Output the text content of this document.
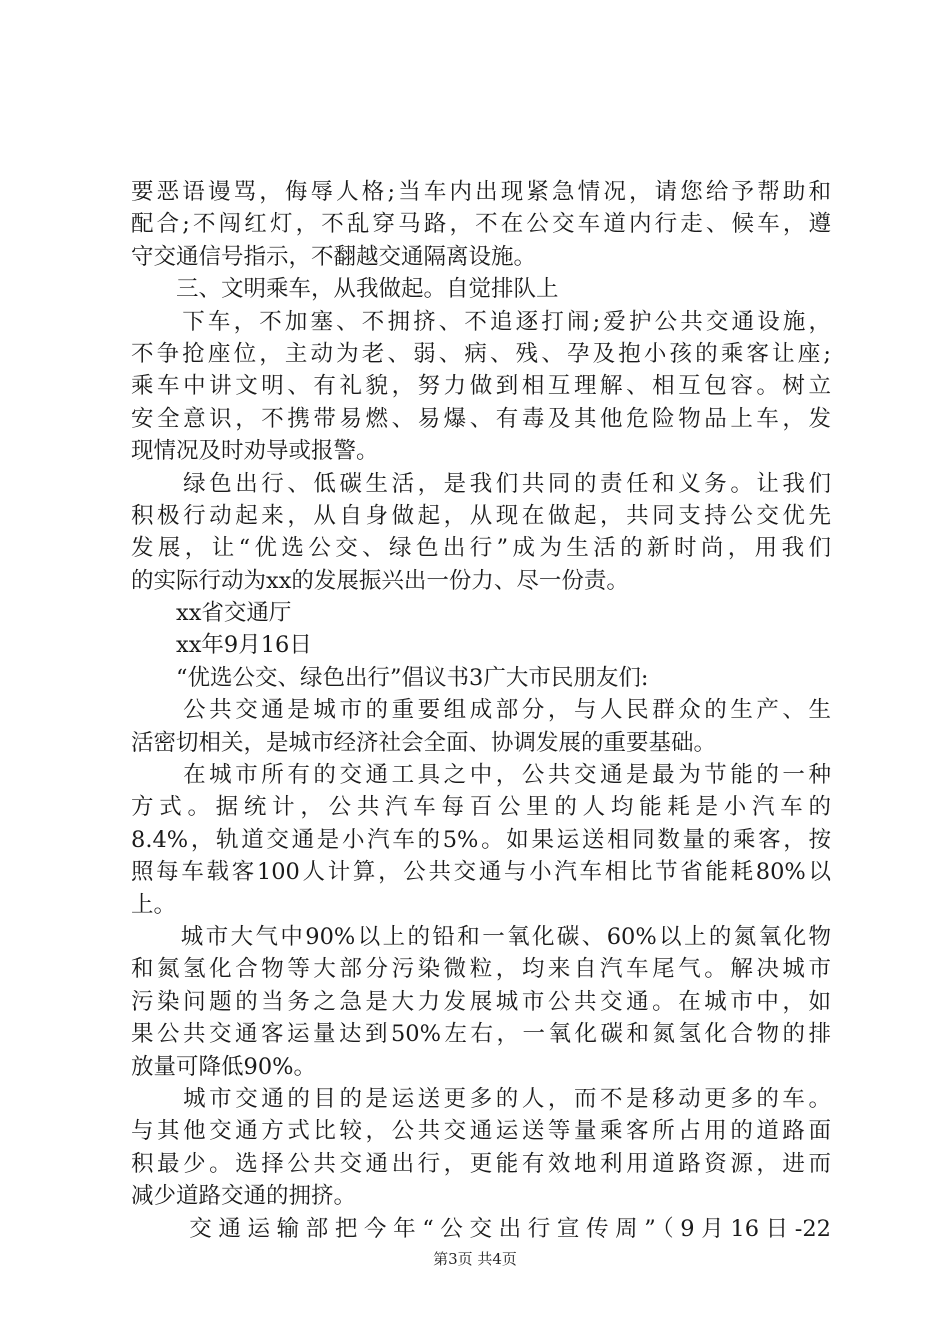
要恶语谩骂，侮辱人格;当车内出现紧急情况，请您给予帮助和
配合;不闯红灯，不乱穿马路，不在公交车道内行走、候车，遵
守交通信号指示，不翻越交通隔离设施。
　　三、文明乘车，从我做起。自觉排队上
　　下车，不加塞、不拥挤、不追逐打闹;爱护公共交通设施，
不争抢座位，主动为老、弱、病、残、孕及抱小孩的乘客让座;
乘车中讲文明、有礼貌，努力做到相互理解、相互包容。树立
安全意识，不携带易燃、易爆、有毒及其他危险物品上车，发
现情况及时劝导或报警。
　　绿色出行、低碳生活，是我们共同的责任和义务。让我们
积极行动起来，从自身做起，从现在做起，共同支持公交优先
发展，让“优选公交、绿色出行”成为生活的新时尚，用我们
的实际行动为xx的发展振兴出一份力、尽一份责。
　　xx省交通厅
　　xx年9月16日
　　“优选公交、绿色出行”倡议书3广大市民朋友们:
　　公共交通是城市的重要组成部分，与人民群众的生产、生
活密切相关，是城市经济社会全面、协调发展的重要基础。
　　在城市所有的交通工具之中，公共交通是最为节能的一种
方式。据统计，公共汽车每百公里的人均能耗是小汽车的
8.4%，轨道交通是小汽车的5%。如果运送相同数量的乘客，按
照每车载客100人计算，公共交通与小汽车相比节省能耗80%以
上。
　　城市大气中90%以上的铅和一氧化碳、60%以上的氮氧化物
和氮氢化合物等大部分污染微粒，均来自汽车尾气。解决城市
污染问题的当务之急是大力发展城市公共交通。在城市中，如
果公共交通客运量达到50%左右，一氧化碳和氮氢化合物的排
放量可降低90%。
　　城市交通的目的是运送更多的人，而不是移动更多的车。
与其他交通方式比较，公共交通运送等量乘客所占用的道路面
积最少。选择公共交通出行，更能有效地利用道路资源，进而
减少道路交通的拥挤。
　　交通运输部把今年“公交出行宣传周”（9月16日-22
第3页 共4页
